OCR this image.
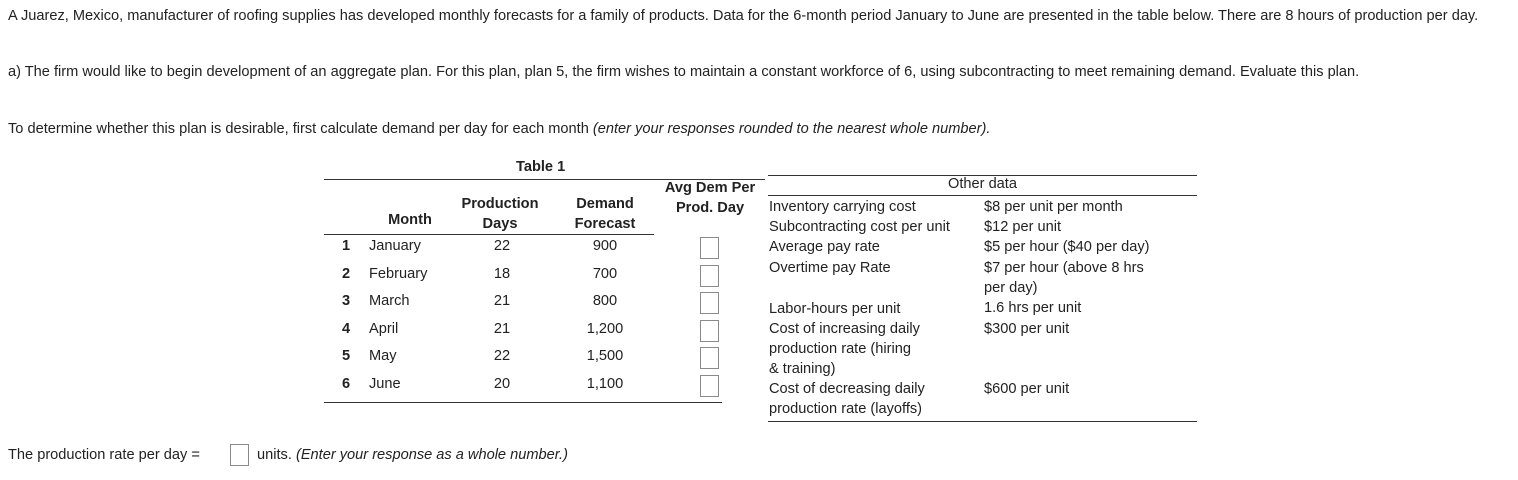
A Juarez, Mexico, manufacturer of roofing supplies has developed monthly forecasts for a family of products. Data for the 6-month period January to June are presented in the table below. There are 8 hours of production per day.
a) The firm would like to begin development of an aggregate plan. For this plan, plan 5, the firm wishes to maintain a constant workforce of 6, using subcontracting to meet remaining demand. Evaluate this plan.
To determine whether this plan is desirable, first calculate demand per day for each month (enter your responses rounded to the nearest whole number).
Table 1
Month
Production
Days
Demand
Forecast
Avg Dem Per
Prod. Day
1 January	22	900
2 February	18	700
3 March	21	800
4 April	21	1,200
5 May	22	1,500
6 June	20	1,100
Other data
Inventory carrying cost	$8 per unit per month
Subcontracting cost per unit $12 per unit
Average pay rate	$5 per hour ($40 per day)
Overtime pay Rate	$7 per hour (above 8 hrs
per day)
Labor-hours per unit	1.6 hrs per unit
Cost of increasing daily
production rate (hiring
& training)
$300 per unit
Cost of decreasing daily
production rate (layoffs)
$600 per unit
The production rate per day =	units. (Enter your response as a whole number.)
